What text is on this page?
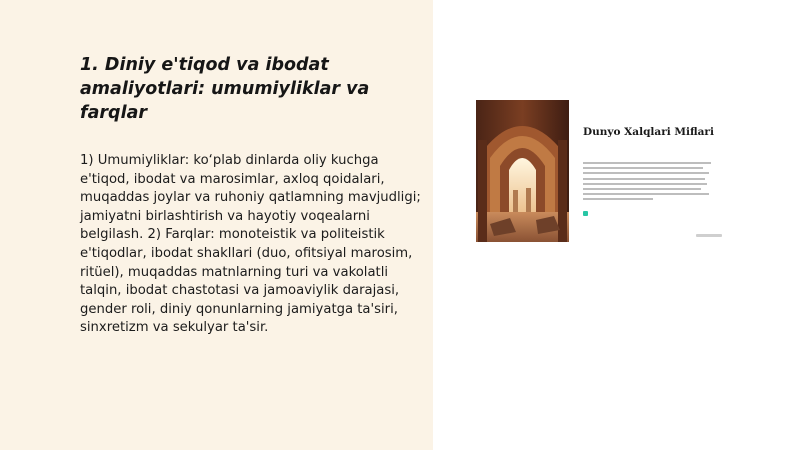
1. Diniy e'tiqod va ibodat amaliyotlari: umumiyliklar va farqlar

1) Umumiyliklar: ko‘plab dinlarda oliy kuchga e'tiqod, ibodat va marosimlar, axloq qoidalari, muqaddas joylar va ruhoniy qatlamning mavjudligi; jamiyatni birlashtirish va hayotiy voqealarni belgilash. 2) Farqlar: monoteistik va politeistik e'tiqodlar, ibodat shakllari (duo, ofitsiyal marosim, ritüel), muqaddas matnlarning turi va vakolatli talqin, ibodat chastotasi va jamoaviylik darajasi, gender roli, diniy qonunlarning jamiyatga ta'siri, sinxretizm va sekulyar ta'sir.

Dunyo Xalqlari Miflari
